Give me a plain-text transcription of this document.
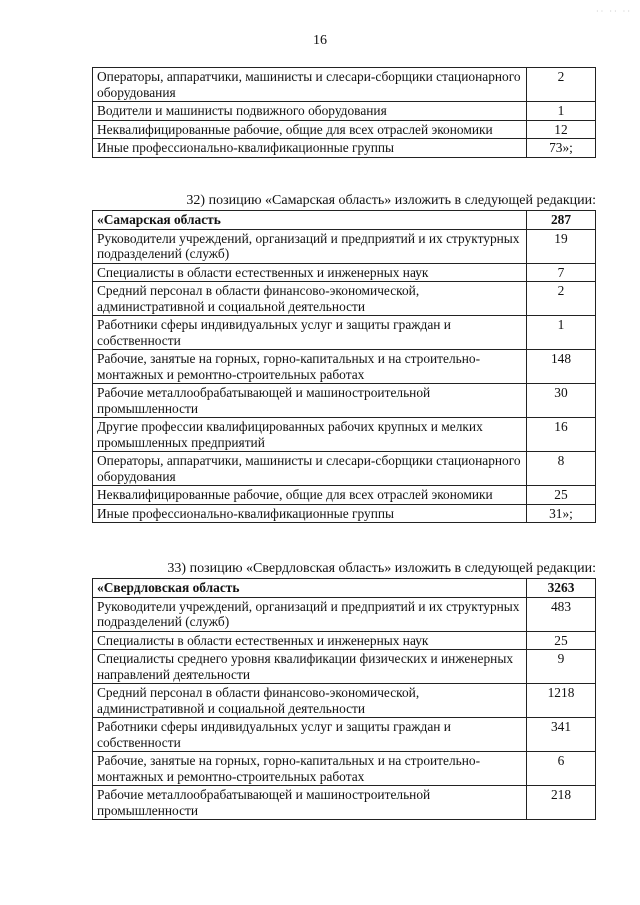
·· ·· ··
16
Операторы, аппаратчики, машинисты и слесари-сборщики стационарного оборудования	2
Водители и машинисты подвижного оборудования	1
Неквалифицированные рабочие, общие для всех отраслей экономики	12
Иные профессионально-квалификационные группы	73»;

32) позицию «Самарская область» изложить в следующей редакции:

«Самарская область	287
Руководители учреждений, организаций и предприятий и их структурных подразделений (служб)	19
Специалисты в области естественных и инженерных наук	7
Средний персонал в области финансово-экономической, административной и социальной деятельности	2
Работники сферы индивидуальных услуг и защиты граждан и собственности	1
Рабочие, занятые на горных, горно-капитальных и на строительно-монтажных и ремонтно-строительных работах	148
Рабочие металлообрабатывающей и машиностроительной промышленности	30
Другие профессии квалифицированных рабочих крупных и мелких промышленных предприятий	16
Операторы, аппаратчики, машинисты и слесари-сборщики стационарного оборудования	8
Неквалифицированные рабочие, общие для всех отраслей экономики	25
Иные профессионально-квалификационные группы	31»;

33) позицию «Свердловская область» изложить в следующей редакции:

«Свердловская область	3263
Руководители учреждений, организаций и предприятий и их структурных подразделений (служб)	483
Специалисты в области естественных и инженерных наук	25
Специалисты среднего уровня квалификации физических и инженерных направлений деятельности	9
Средний персонал в области финансово-экономической, административной и социальной деятельности	1218
Работники сферы индивидуальных услуг и защиты граждан и собственности	341
Рабочие, занятые на горных, горно-капитальных и на строительно-монтажных и ремонтно-строительных работах	6
Рабочие металлообрабатывающей и машиностроительной промышленности	218
